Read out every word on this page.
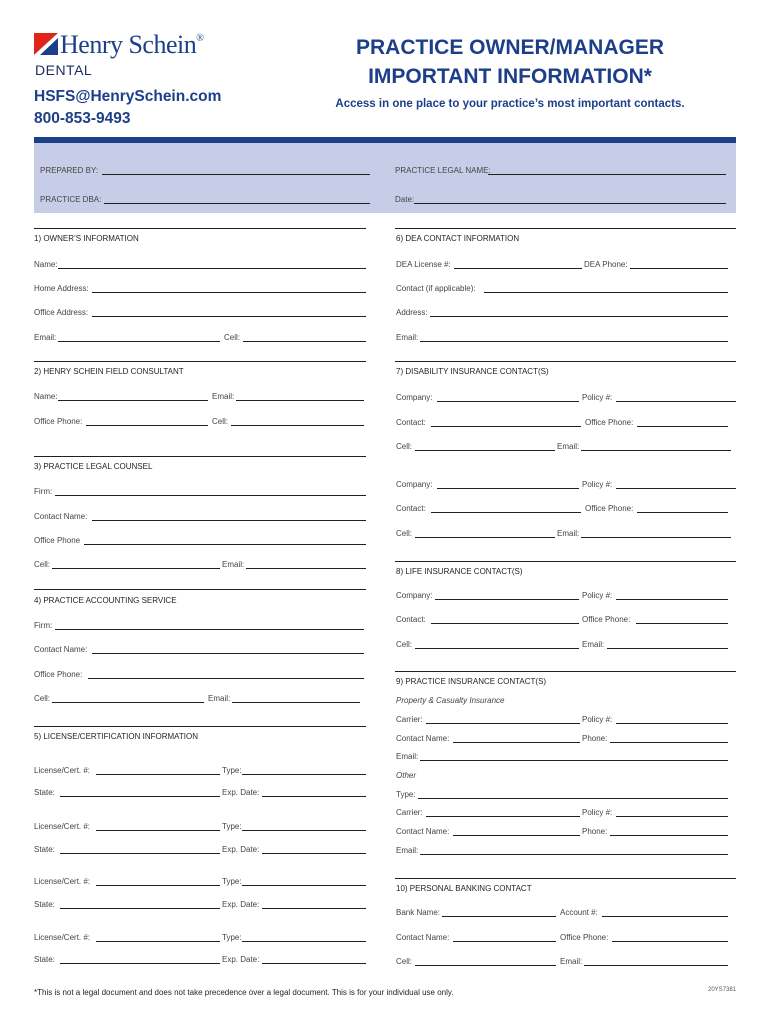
Henry Schein®
DENTAL
HSFS@HenrySchein.com
800-853-9493
PRACTICE OWNER/MANAGER
IMPORTANT INFORMATION*
Access in one place to your practice’s most important contacts.
PREPARED BY:	PRACTICE LEGAL NAME:
PRACTICE DBA:	Date:
1) OWNER’S INFORMATION
Name:
Home Address:
Office Address:
Email:	Cell:
2) HENRY SCHEIN FIELD CONSULTANT
Name:	Email:
Office Phone:	Cell:
3) PRACTICE LEGAL COUNSEL
Firm:
Contact Name:
Office Phone
Cell:	Email:
4) PRACTICE ACCOUNTING SERVICE
Firm:
Contact Name:
Office Phone:
Cell:	Email:
5) LICENSE/CERTIFICATION INFORMATION
License/Cert. #:	Type:
State:	Exp. Date:
License/Cert. #:	Type:
State:	Exp. Date:
License/Cert. #:	Type:
State:	Exp. Date:
License/Cert. #:	Type:
State:	Exp. Date:
6) DEA CONTACT INFORMATION
DEA License #:	DEA Phone:
Contact (if applicable):
Address:
Email:
7) DISABILITY INSURANCE CONTACT(S)
Company:	Policy #:
Contact:	Office Phone:
Cell:	Email:
Company:	Policy #:
Contact:	Office Phone:
Cell:	Email:
8) LIFE INSURANCE CONTACT(S)
Company:	Policy #:
Contact:	Office Phone:
Cell:	Email:
9) PRACTICE INSURANCE CONTACT(S)
Property & Casualty Insurance
Carrier:	Policy #:
Contact Name:	Phone:
Email:
Other
Type:
Carrier:	Policy #:
Contact Name:	Phone:
Email:
10) PERSONAL BANKING CONTACT
Bank Name:	Account #:
Contact Name:	Office Phone:
Cell:	Email:
*This is not a legal document and does not take precedence over a legal document. This is for your individual use only.	20YS7381
